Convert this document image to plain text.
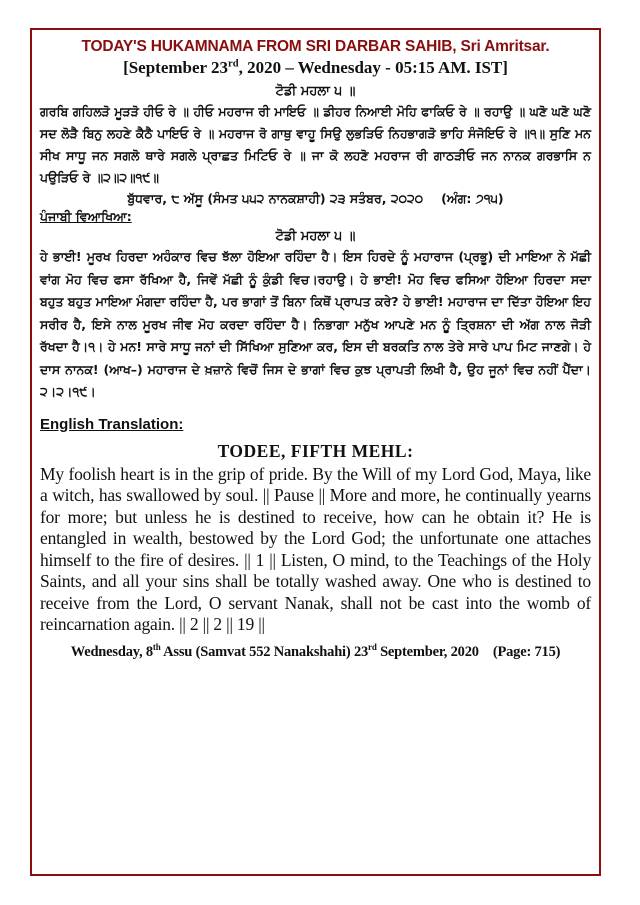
TODAY'S HUKAMNAMA FROM SRI DARBAR SAHIB, Sri Amritsar.
[September 23rd, 2020 – Wednesday - 05:15 AM. IST]
ਟੋਡੀ ਮਹਲਾ ੫ ॥
ਗਰਬਿ ਗਹਿਲੜੋ ਮੂੜੜੋ ਹੀਓ ਰੇ ॥ ਹੀਓ ਮਹਰਾਜ ਰੀ ਮਾਇਓ ॥ ਡੀਹਰ ਨਿਆਈ ਮੋਹਿ ਫਾਕਿਓ ਰੇ ॥ ਰਹਾਉ ॥ ਘਣੋ ਘਣੋ ਘਣੋ ਸਦ ਲੋੜੈ ਬਿਨੁ ਲਹਣੇ ਕੈਠੈ ਪਾਇਓ ਰੇ ॥ ਮਹਰਾਜ ਰੋ ਗਾਥੁ ਵਾਹੂ ਸਿਉ ਲੁਭੜਿਓ ਨਿਹਭਾਗੜੋ ਭਾਹਿ ਸੰਜੋਇਓ ਰੇ ॥੧॥ ਸੁਣਿ ਮਨ ਸੀਖ ਸਾਧੂ ਜਨ ਸਗਲੋ ਥਾਰੇ ਸਗਲੇ ਪ੍ਰਾਛਤ ਮਿਟਿਓ ਰੇ ॥ ਜਾ ਕੋ ਲਹਣੋ ਮਹਰਾਜ ਰੀ ਗਾਠੜੀਓ ਜਨ ਨਾਨਕ ਗਰਭਾਸਿ ਨ ਪਉੜਿਓ ਰੇ ॥੨॥੨॥੧੯॥
ਬੁੱਧਵਾਰ, ੮ ਅੱਸੂ (ਸੰਮਤ ੫੫੨ ਨਾਨਕਸ਼ਾਹੀ) ੨੩ ਸਤੰਬਰ, ੨੦੨੦ (ਅੰਗ: ੭੧੫)
ਪੰਜਾਬੀ ਵਿਆਖਿਆ:
ਟੋਡੀ ਮਹਲਾ ੫ ॥
ਹੇ ਭਾਈ! ਮੂਰਖ ਹਿਰਦਾ ਅਹੰਕਾਰ ਵਿਚ ਝੱਲਾ ਹੋਇਆ ਰਹਿੰਦਾ ਹੈ। ਇਸ ਹਿਰਦੇ ਨੂੰ ਮਹਾਰਾਜ (ਪ੍ਰਭੂ) ਦੀ ਮਾਇਆ ਨੇ ਮੱਛੀ ਵਾਂਗ ਮੋਹ ਵਿਚ ਫਸਾ ਰੱਖਿਆ ਹੈ, ਜਿਵੇਂ ਮੱਛੀ ਨੂੰ ਕੁੰਡੀ ਵਿਚ।ਰਹਾਉ। ਹੇ ਭਾਈ! ਮੋਹ ਵਿਚ ਫਸਿਆ ਹੋਇਆ ਹਿਰਦਾ ਸਦਾ ਬਹੁਤ ਬਹੁਤ ਮਾਇਆ ਮੰਗਦਾ ਰਹਿੰਦਾ ਹੈ, ਪਰ ਭਾਗਾਂ ਤੋਂ ਬਿਨਾ ਕਿਥੋਂ ਪ੍ਰਾਪਤ ਕਰੇ? ਹੇ ਭਾਈ! ਮਹਾਰਾਜ ਦਾ ਦਿੱਤਾ ਹੋਇਆ ਇਹ ਸਰੀਰ ਹੈ, ਇਸੇ ਨਾਲ ਮੂਰਖ ਜੀਵ ਮੋਹ ਕਰਦਾ ਰਹਿੰਦਾ ਹੈ। ਨਿਭਾਗਾ ਮਨੁੱਖ ਆਪਣੇ ਮਨ ਨੂੰ ਤ੍ਰਿਸ਼ਨਾ ਦੀ ਅੱਗ ਨਾਲ ਜੋੜੀ ਰੱਖਦਾ ਹੈ।੧। ਹੇ ਮਨ! ਸਾਰੇ ਸਾਧੂ ਜਨਾਂ ਦੀ ਸਿੱਖਿਆ ਸੁਣਿਆ ਕਰ, ਇਸ ਦੀ ਬਰਕਤਿ ਨਾਲ ਤੇਰੇ ਸਾਰੇ ਪਾਪ ਮਿਟ ਜਾਣਗੇ। ਹੇ ਦਾਸ ਨਾਨਕ! (ਆਖ–) ਮਹਾਰਾਜ ਦੇ ਖ਼ਜ਼ਾਨੇ ਵਿਚੋਂ ਜਿਸ ਦੇ ਭਾਗਾਂ ਵਿਚ ਕੁਝ ਪ੍ਰਾਪਤੀ ਲਿਖੀ ਹੈ, ਉਹ ਜੂਨਾਂ ਵਿਚ ਨਹੀਂ ਪੈਂਦਾ।੨।੨।੧੯।
English Translation:
TODEE, FIFTH MEHL:
My foolish heart is in the grip of pride. By the Will of my Lord God, Maya, like a witch, has swallowed by soul. || Pause || More and more, he continually yearns for more; but unless he is destined to receive, how can he obtain it? He is entangled in wealth, bestowed by the Lord God; the unfortunate one attaches himself to the fire of desires. || 1 || Listen, O mind, to the Teachings of the Holy Saints, and all your sins shall be totally washed away. One who is destined to receive from the Lord, O servant Nanak, shall not be cast into the womb of reincarnation again. || 2 || 2 || 19 ||
Wednesday, 8th Assu (Samvat 552 Nanakshahi) 23rd September, 2020 (Page: 715)
